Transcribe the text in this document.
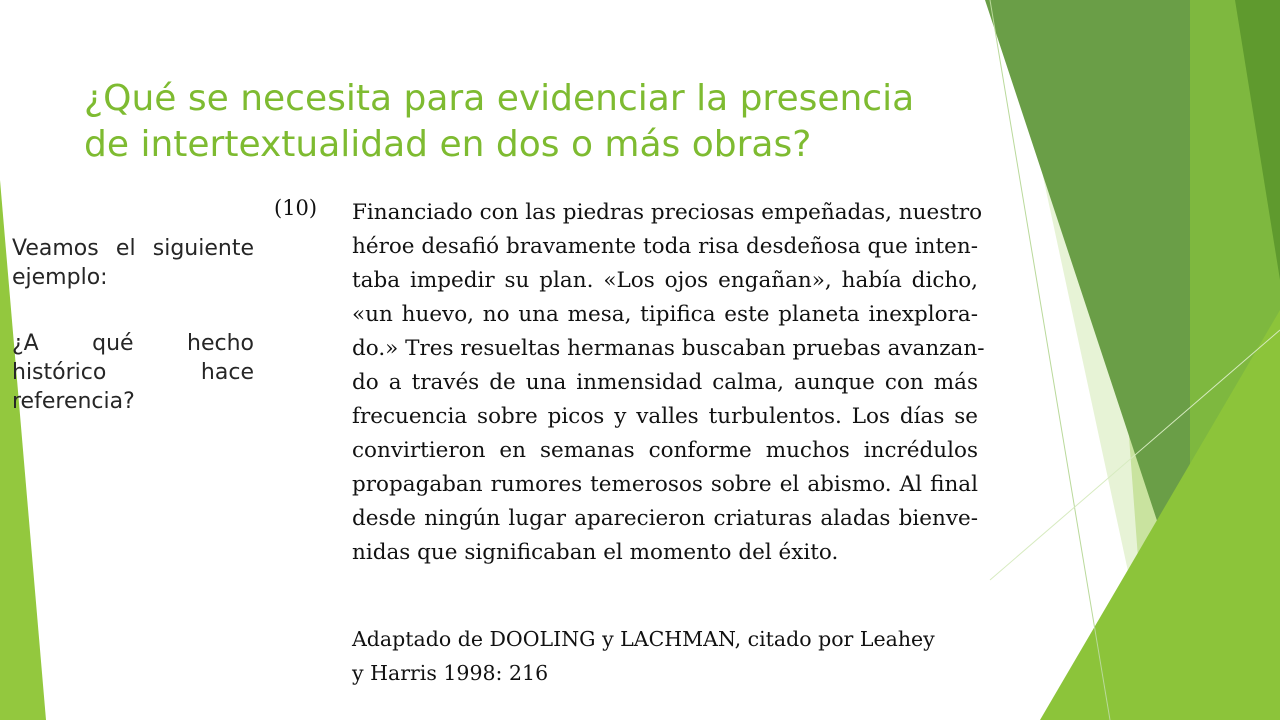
¿Qué se necesita para evidenciar la presencia
de intertextualidad en dos o más obras?

Veamos el siguiente ejemplo:

¿A qué hecho histórico hace referencia?

(10) Financiado con las piedras preciosas empeñadas, nuestro
héroe desafió bravamente toda risa desdeñosa que inten-
taba impedir su plan. «Los ojos engañan», había dicho,
«un huevo, no una mesa, tipifica este planeta inexplora-
do.» Tres resueltas hermanas buscaban pruebas avanzan-
do a través de una inmensidad calma, aunque con más
frecuencia sobre picos y valles turbulentos. Los días se
convirtieron en semanas conforme muchos incrédulos
propagaban rumores temerosos sobre el abismo. Al final
desde ningún lugar aparecieron criaturas aladas bienve-
nidas que significaban el momento del éxito.
Adaptado de DOOLING y LACHMAN, citado por Leahey
y Harris 1998: 216
